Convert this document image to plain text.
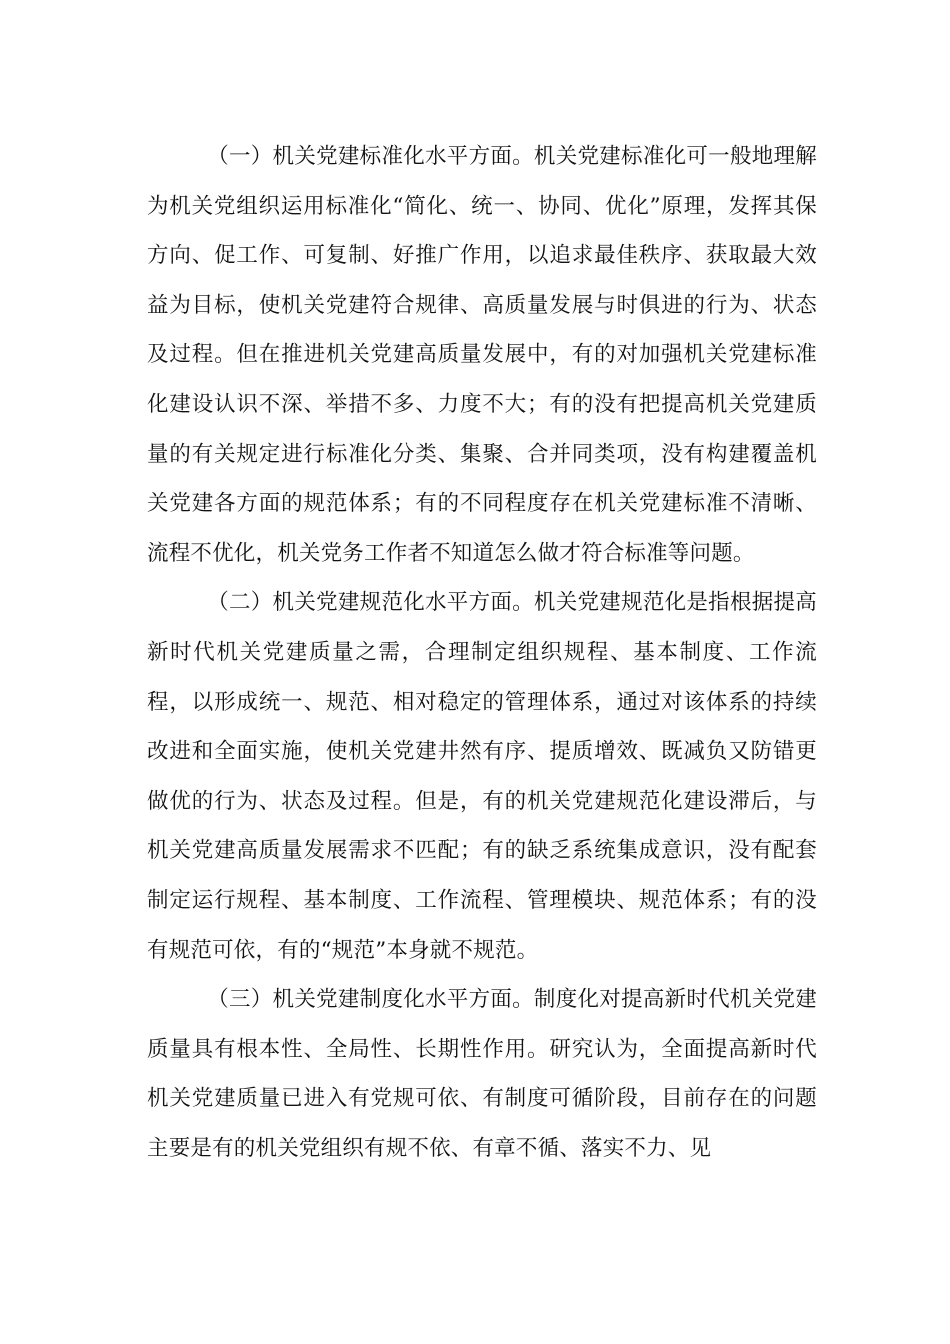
（一）机关党建标准化水平方面。机关党建标准化可一般地理解为机关党组织运用标准化“简化、统一、协同、优化”原理，发挥其保方向、促工作、可复制、好推广作用，以追求最佳秩序、获取最大效益为目标，使机关党建符合规律、高质量发展与时俱进的行为、状态及过程。但在推进机关党建高质量发展中，有的对加强机关党建标准化建设认识不深、举措不多、力度不大；有的没有把提高机关党建质量的有关规定进行标准化分类、集聚、合并同类项，没有构建覆盖机关党建各方面的规范体系；有的不同程度存在机关党建标准不清晰、流程不优化，机关党务工作者不知道怎么做才符合标准等问题。

（二）机关党建规范化水平方面。机关党建规范化是指根据提高新时代机关党建质量之需，合理制定组织规程、基本制度、工作流程，以形成统一、规范、相对稳定的管理体系，通过对该体系的持续改进和全面实施，使机关党建井然有序、提质增效、既减负又防错更做优的行为、状态及过程。但是，有的机关党建规范化建设滞后，与机关党建高质量发展需求不匹配；有的缺乏系统集成意识，没有配套制定运行规程、基本制度、工作流程、管理模块、规范体系；有的没有规范可依，有的“规范”本身就不规范。

（三）机关党建制度化水平方面。制度化对提高新时代机关党建质量具有根本性、全局性、长期性作用。研究认为，全面提高新时代机关党建质量已进入有党规可依、有制度可循阶段，目前存在的问题主要是有的机关党组织有规不依、有章不循、落实不力、见
